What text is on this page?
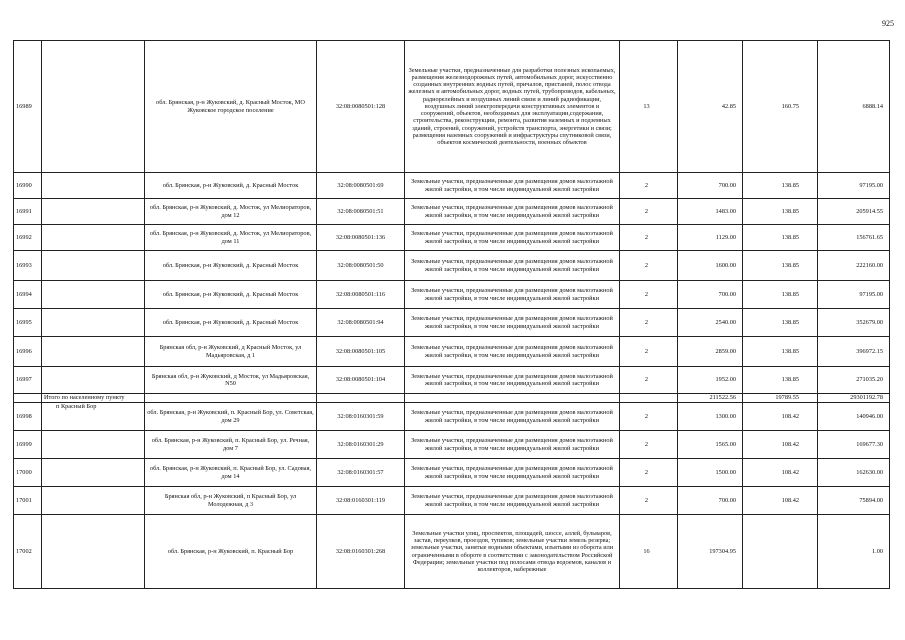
925
16989		обл. Брянская, р-н Жуковский, д. Красный Мосток, МО Жуковское городское поселение	32:08:0080501:128	Земельные участки, предназначенные для разработки полезных ископаемых, размещения железнодорожных путей, автомобильных дорог, искусственно созданных внутренних водных путей, причалов, пристаней, полос отвода железных и автомобильных дорог, водных путей, трубопроводов, кабельных, радиорелейных и воздушных линий связи и линий радиофикации, воздушных линий электропередачи конструктивных элементов и сооружений, объектов, необходимых для эксплуатации,содержания, строительства, реконструкции, ремонта, развития наземных и подземных зданий, строений, сооружений, устройств транспорта, энергетики и связи; размещения наземных сооружений и инфраструктуры спутниковой связи, объектов космической деятельности, военных объектов	13	42.85	160.75	6888.14
16990		обл. Брянская, р-н Жуковский, д. Красный Мосток	32:08:0080501:69	Земельные участки, предназначенные для размещения домов малоэтажной жилой застройки, в том числе индивидуальной жилой застройки	2	700.00	138.85	97195.00
16991		обл. Брянская, р-н Жуковский, д. Мосток, ул Мелиораторов, дом 12	32:08:0080501:51	Земельные участки, предназначенные для размещения домов малоэтажной жилой застройки, в том числе индивидуальной жилой застройки	2	1483.00	138.85	205914.55
16992		обл. Брянская, р-н Жуковский, д. Мосток, ул Мелиораторов, дом 11	32:08:0080501:136	Земельные участки, предназначенные для размещения домов малоэтажной жилой застройки, в том числе индивидуальной жилой застройки	2	1129.00	138.85	156761.65
16993		обл. Брянская, р-н Жуковский, д. Красный Мосток	32:08:0080501:50	Земельные участки, предназначенные для размещения домов малоэтажной жилой застройки, в том числе индивидуальной жилой застройки	2	1600.00	138.85	222160.00
16994		обл. Брянская, р-н Жуковский, д. Красный Мосток	32:08:0080501:116	Земельные участки, предназначенные для размещения домов малоэтажной жилой застройки, в том числе индивидуальной жилой застройки	2	700.00	138.85	97195.00
16995		обл. Брянская, р-н Жуковский, д. Красный Мосток	32:08:0080501:94	Земельные участки, предназначенные для размещения домов малоэтажной жилой застройки, в том числе индивидуальной жилой застройки	2	2540.00	138.85	352679.00
16996		Брянская обл, р-н Жуковский, д Красный Мосток, ул Мадьяровская, д 1	32:08:0080501:105	Земельные участки, предназначенные для размещения домов малоэтажной жилой застройки, в том числе индивидуальной жилой застройки	2	2859.00	138.85	396972.15
16997		Брянская обл, р-н Жуковский, д Мосток, ул Мадьяровская, N50	32:08:0080501:104	Земельные участки, предназначенные для размещения домов малоэтажной жилой застройки, в том числе индивидуальной жилой застройки	2	1952.00	138.85	271035.20
	Итого по населенному пункту					211522.56	19789.55	29301192.78
16998	п Красный Бор	обл. Брянская, р-н Жуковский, п. Красный Бор, ул. Советская, дом 29	32:08:0160301:59	Земельные участки, предназначенные для размещения домов малоэтажной жилой застройки, в том числе индивидуальной жилой застройки	2	1300.00	108.42	140946.00
16999		обл. Брянская, р-н Жуковский, п. Красный Бор, ул. Речная, дом 7	32:08:0160301:29	Земельные участки, предназначенные для размещения домов малоэтажной жилой застройки, в том числе индивидуальной жилой застройки	2	1565.00	108.42	169677.30
17000		обл. Брянская, р-н Жуковский, п. Красный Бор, ул. Садовая, дом 14	32:08:0160301:57	Земельные участки, предназначенные для размещения домов малоэтажной жилой застройки, в том числе индивидуальной жилой застройки	2	1500.00	108.42	162630.00
17001		Брянская обл, р-н Жуковский, п Красный Бор, ул Молодежная, д 3	32:08:0160301:119	Земельные участки, предназначенные для размещения домов малоэтажной жилой застройки, в том числе индивидуальной жилой застройки	2	700.00	108.42	75894.00
17002		обл. Брянская, р-н Жуковский, п. Красный Бор	32:08:0160301:268	Земельные участки улиц, проспектов, площадей, шоссе, аллей, бульваров, застав, переулков, проездов, тупиков; земельные участки земель резерва; земельные участки, занятые водными объектами, изъятыми из оборота или ограниченными в обороте в соответствии с законодательством Российской Федерации; земельные участки под полосами отвода водоемов, каналов и коллекторов, набережные	16	197304.95		1.00
